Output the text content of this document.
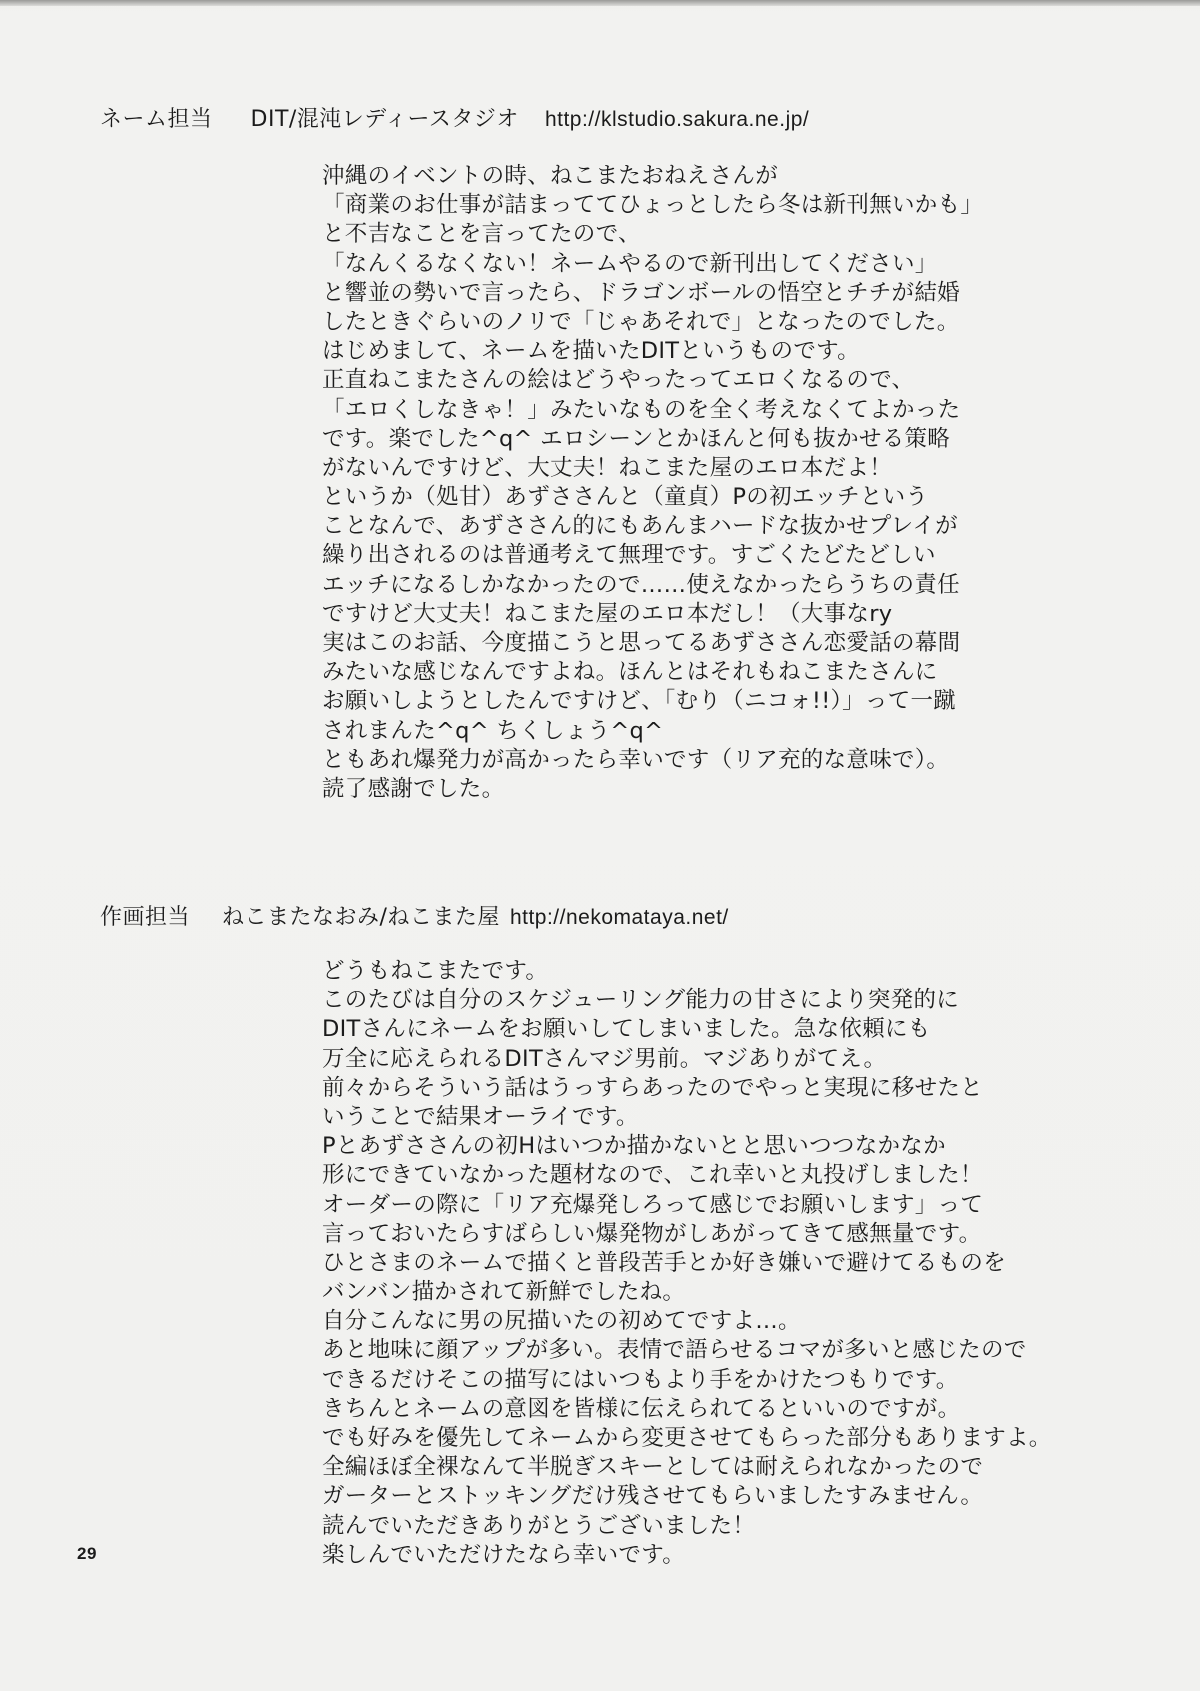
ネーム担当 DIT/混沌レディースタジオ http://klstudio.sakura.ne.jp/
沖縄のイベントの時、ねこまたおねえさんが
「商業のお仕事が詰まっててひょっとしたら冬は新刊無いかも」
と不吉なことを言ってたので、
「なんくるなくない！ネームやるので新刊出してください」
と響並の勢いで言ったら、ドラゴンボールの悟空とチチが結婚
したときぐらいのノリで「じゃあそれで」となったのでした。
はじめまして、ネームを描いたDITというものです。
正直ねこまたさんの絵はどうやったってエロくなるので、
「エロくしなきゃ！」みたいなものを全く考えなくてよかった
です。楽でした^q^ エロシーンとかほんと何も抜かせる策略
がないんですけど、大丈夫！ねこまた屋のエロ本だよ！
というか（処甘）あずささんと（童貞）Pの初エッチという
ことなんで、あずささん的にもあんまハードな抜かせプレイが
繰り出されるのは普通考えて無理です。すごくたどたどしい
エッチになるしかなかったので……使えなかったらうちの責任
ですけど大丈夫！ねこまた屋のエロ本だし！（大事なry
実はこのお話、今度描こうと思ってるあずささん恋愛話の幕間
みたいな感じなんですよね。ほんとはそれもねこまたさんに
お願いしようとしたんですけど、「むり（ニコォ!!）」って一蹴
されまんた^q^ ちくしょう^q^
ともあれ爆発力が高かったら幸いです（リア充的な意味で）。
読了感謝でした。
作画担当 ねこまたなおみ/ねこまた屋 http://nekomataya.net/
どうもねこまたです。
このたびは自分のスケジューリング能力の甘さにより突発的に
DITさんにネームをお願いしてしまいました。急な依頼にも
万全に応えられるDITさんマジ男前。マジありがてえ。
前々からそういう話はうっすらあったのでやっと実現に移せたと
いうことで結果オーライです。
Pとあずささんの初Hはいつか描かないとと思いつつなかなか
形にできていなかった題材なので、これ幸いと丸投げしました！
オーダーの際に「リア充爆発しろって感じでお願いします」って
言っておいたらすばらしい爆発物がしあがってきて感無量です。
ひとさまのネームで描くと普段苦手とか好き嫌いで避けてるものを
バンバン描かされて新鮮でしたね。
自分こんなに男の尻描いたの初めてですよ…。
あと地味に顔アップが多い。表情で語らせるコマが多いと感じたので
できるだけそこの描写にはいつもより手をかけたつもりです。
きちんとネームの意図を皆様に伝えられてるといいのですが。
でも好みを優先してネームから変更させてもらった部分もありますよ。
全編ほぼ全裸なんて半脱ぎスキーとしては耐えられなかったので
ガーターとストッキングだけ残させてもらいましたすみません。
読んでいただきありがとうございました！
楽しんでいただけたなら幸いです。
29
